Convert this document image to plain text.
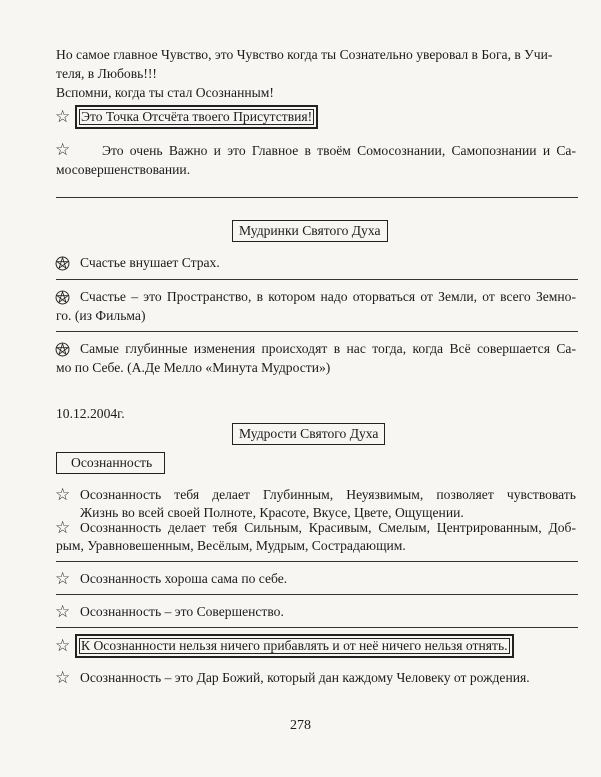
Но самое главное Чувство, это Чувство когда ты Сознательно уверовал в Бога, в Учи-
теля, в Любовь!!!
Вспомни, когда ты стал Осознанным!
☆ Это Точка Отсчёта твоего Присутствия!
☆	Это очень Важно и это Главное в твоём Сомосознании, Самопознании и Са-
мосовершенствовании.
Мудринки Святого Духа
Счастье внушает Страх.
Счастье – это Пространство, в котором надо оторваться от Земли, от всего Земно-
го. (из Фильма)
Самые глубинные изменения происходят в нас тогда, когда Всё совершается Са-
мо по Себе. (А.Де Мелло «Минута Мудрости»)
10.12.2004г.
Мудрости Святого Духа
Осознанность
☆ Осознанность тебя делает Глубинным, Неуязвимым, позволяет чувствовать
Жизнь во всей своей Полноте, Красоте, Вкусе, Цвете, Ощущении.
☆ Осознанность делает тебя Сильным, Красивым, Смелым, Центрированным, Доб-
рым, Уравновешенным, Весёлым, Мудрым, Сострадающим.
☆ Осознанность хороша сама по себе.
☆ Осознанность – это Совершенство.
☆ К Осознанности нельзя ничего прибавлять и от неё ничего нельзя отнять.
☆ Осознанность – это Дар Божий, который дан каждому Человеку от рождения.
278
